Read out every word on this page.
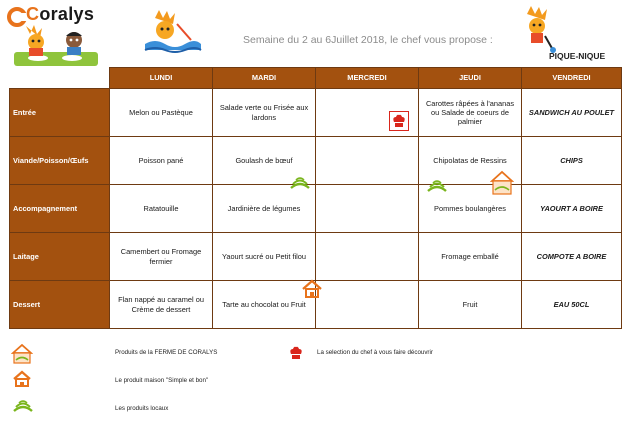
Coralys
Semaine du 2 au 6Juillet 2018, le chef vous propose :
PIQUE-NIQUE
	LUNDI	MARDI	MERCREDI	JEUDI	VENDREDI
Entrée	Melon ou Pastèque	Salade verte ou Frisée aux lardons		Carottes râpées à l'ananas ou Salade de coeurs de palmier	SANDWICH AU POULET
Viande/Poisson/Œufs	Poisson pané	Goulash de bœuf		Chipolatas de Ressins	CHIPS
Accompagnement	Ratatouille	Jardinière de légumes		Pommes boulangères	YAOURT A BOIRE
Laitage	Camembert ou Fromage fermier	Yaourt sucré ou Petit filou		Fromage emballé	COMPOTE A BOIRE
Dessert	Flan nappé au caramel ou Crème de dessert	Tarte au chocolat ou Fruit		Fruit	EAU 50CL
Produits de la FERME DE CORALYS	La selection du chef à vous faire découvrir
Le produit maison "Simple et bon"
Les produits locaux
